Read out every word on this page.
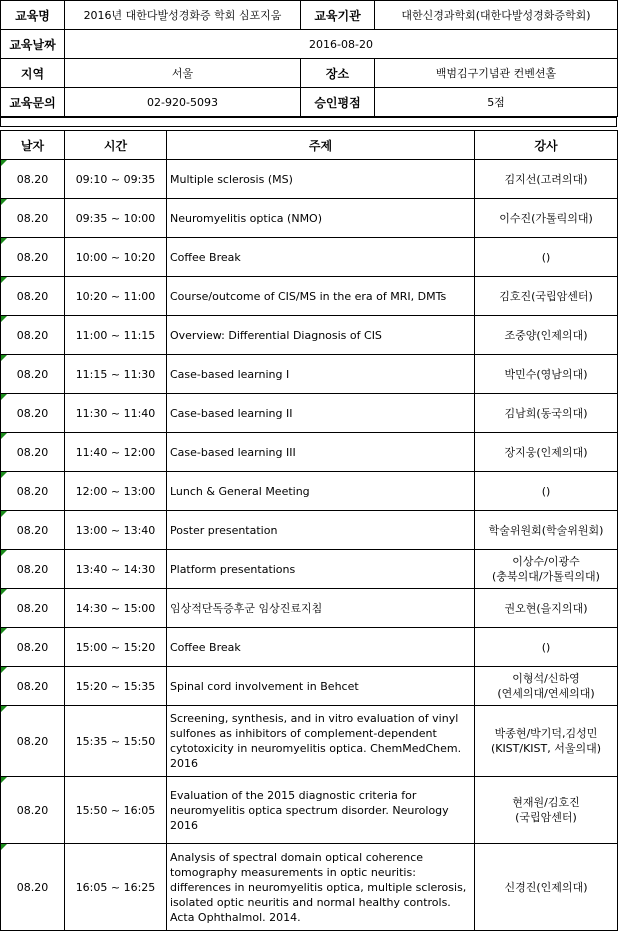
교육명	2016년 대한다발성경화증 학회 심포지움	교육기관	대한신경과학회(대한다발성경화증학회)
교육날짜	2016-08-20		
지역	서울	장소	백범김구기념관 컨벤션홀
교육문의	02-920-5093	승인평점	5점
날자	시간	주제	강사
08.20	09:10 ~ 09:35	Multiple sclerosis (MS)	김지선(고려의대)
08.20	09:35 ~ 10:00	Neuromyelitis optica (NMO)	이수진(가톨릭의대)
08.20	10:00 ~ 10:20	Coffee Break	()
08.20	10:20 ~ 11:00	Course/outcome of CIS/MS in the era of MRI, DMTs	김호진(국립암센터)
08.20	11:00 ~ 11:15	Overview: Differential Diagnosis of CIS	조중양(인제의대)
08.20	11:15 ~ 11:30	Case-based learning I	박민수(영남의대)
08.20	11:30 ~ 11:40	Case-based learning II	김남희(동국의대)
08.20	11:40 ~ 12:00	Case-based learning III	장지웅(인제의대)
08.20	12:00 ~ 13:00	Lunch & General Meeting	()
08.20	13:00 ~ 13:40	Poster presentation	학술위원회(학술위원회)
08.20	13:40 ~ 14:30	Platform presentations	이상수/이광수
(충북의대/가톨릭의대)
08.20	14:30 ~ 15:00	임상적단독증후군 임상진료지침	권오현(을지의대)
08.20	15:00 ~ 15:20	Coffee Break	()
08.20	15:20 ~ 15:35	Spinal cord involvement in Behcet	이형석/신하영
(연세의대/연세의대)
08.20	15:35 ~ 15:50	Screening, synthesis, and in vitro evaluation of vinyl sulfones as inhibitors of complement-dependent cytotoxicity in neuromyelitis optica. ChemMedChem. 2016	박종현/박기덕,김성민
(KIST/KIST, 서울의대)
08.20	15:50 ~ 16:05	Evaluation of the 2015 diagnostic criteria for neuromyelitis optica spectrum disorder. Neurology 2016	현재원/김호진
(국립암센터)
08.20	16:05 ~ 16:25	Analysis of spectral domain optical coherence tomography measurements in optic neuritis: differences in neuromyelitis optica, multiple sclerosis, isolated optic neuritis and normal healthy controls. Acta Ophthalmol. 2014.	신경진(인제의대)
